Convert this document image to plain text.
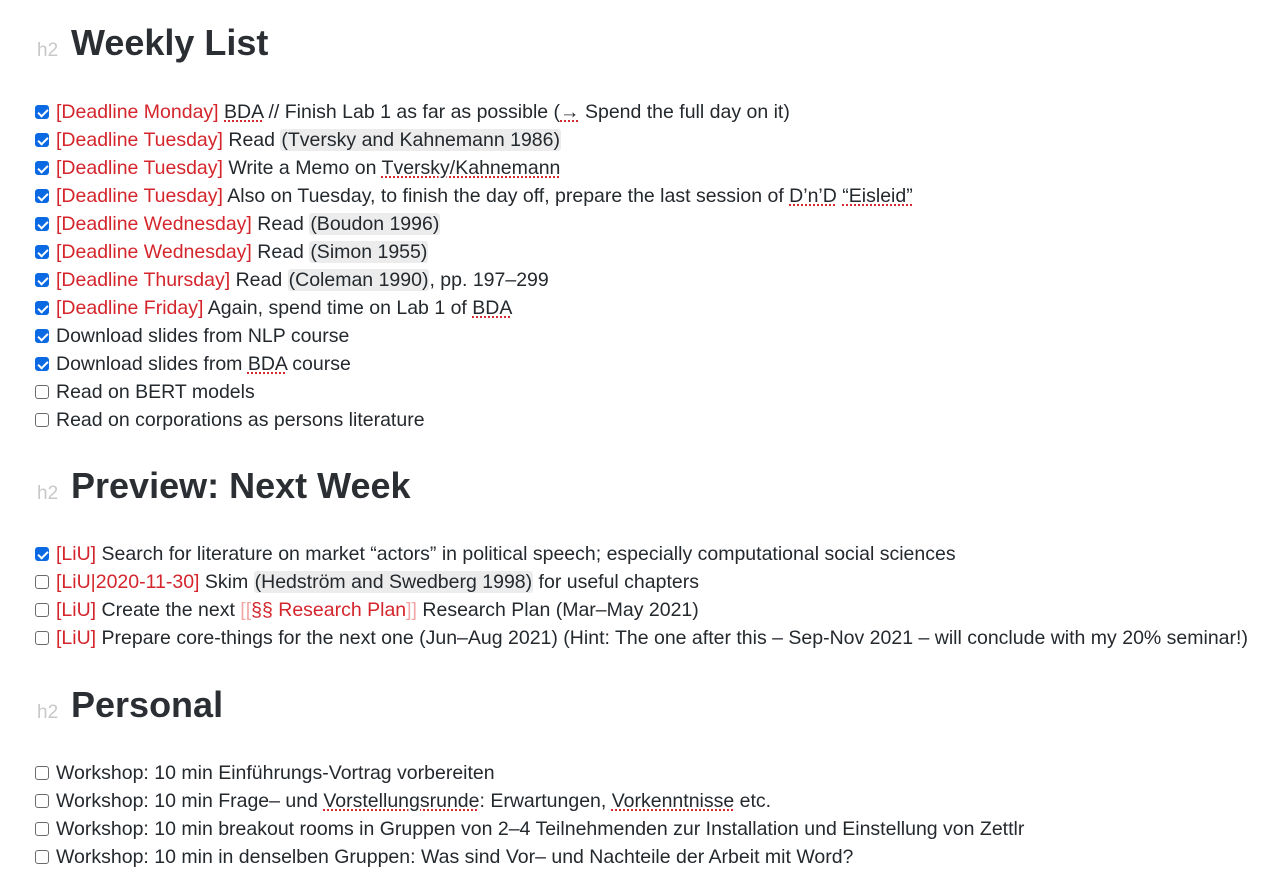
h2 Weekly List
[Deadline Monday] BDA // Finish Lab 1 as far as possible (→ Spend the full day on it)
[Deadline Tuesday] Read (Tversky and Kahnemann 1986)
[Deadline Tuesday] Write a Memo on Tversky/Kahnemann
[Deadline Tuesday] Also on Tuesday, to finish the day off, prepare the last session of D’n’D “Eisleid”
[Deadline Wednesday] Read (Boudon 1996)
[Deadline Wednesday] Read (Simon 1955)
[Deadline Thursday] Read (Coleman 1990), pp. 197–299
[Deadline Friday] Again, spend time on Lab 1 of BDA
Download slides from NLP course
Download slides from BDA course
Read on BERT models
Read on corporations as persons literature
h2 Preview: Next Week
[LiU] Search for literature on market “actors” in political speech; especially computational social sciences
[LiU|2020-11-30] Skim (Hedström and Swedberg 1998) for useful chapters
[LiU] Create the next [[§§ Research Plan]] Research Plan (Mar–May 2021)
[LiU] Prepare core-things for the next one (Jun–Aug 2021) (Hint: The one after this – Sep-Nov 2021 – will conclude with my 20% seminar!)
h2 Personal
Workshop: 10 min Einführungs-Vortrag vorbereiten
Workshop: 10 min Frage– und Vorstellungsrunde: Erwartungen, Vorkenntnisse etc.
Workshop: 10 min breakout rooms in Gruppen von 2–4 Teilnehmenden zur Installation und Einstellung von Zettlr
Workshop: 10 min in denselben Gruppen: Was sind Vor– und Nachteile der Arbeit mit Word?
